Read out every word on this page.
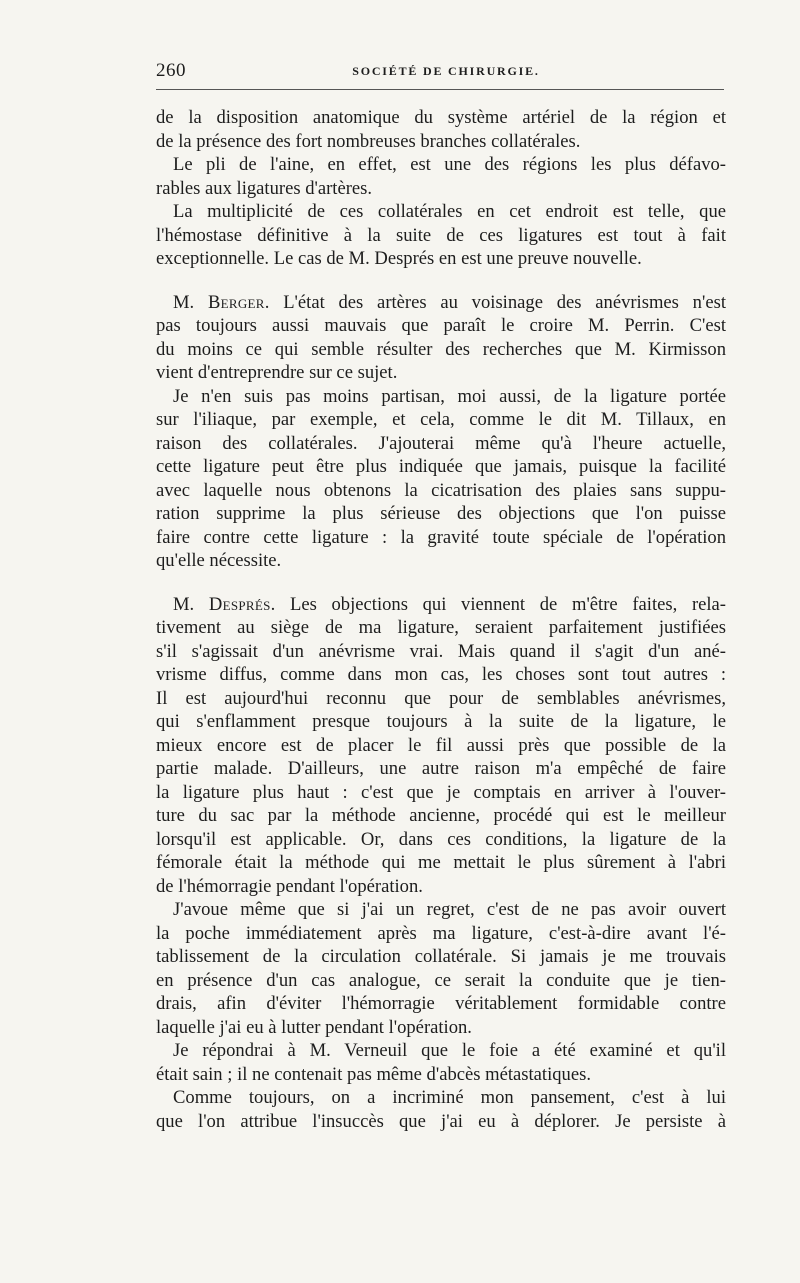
260	SOCIÉTÉ DE CHIRURGIE.
de la disposition anatomique du système artériel de la région et
de la présence des fort nombreuses branches collatérales.
Le pli de l'aine, en effet, est une des régions les plus défavo-
rables aux ligatures d'artères.
La multiplicité de ces collatérales en cet endroit est telle, que
l'hémostase définitive à la suite de ces ligatures est tout à fait
exceptionnelle. Le cas de M. Després en est une preuve nouvelle.
M. Berger. L'état des artères au voisinage des anévrismes n'est
pas toujours aussi mauvais que paraît le croire M. Perrin. C'est
du moins ce qui semble résulter des recherches que M. Kirmisson
vient d'entreprendre sur ce sujet.
Je n'en suis pas moins partisan, moi aussi, de la ligature portée
sur l'iliaque, par exemple, et cela, comme le dit M. Tillaux, en
raison des collatérales. J'ajouterai même qu'à l'heure actuelle,
cette ligature peut être plus indiquée que jamais, puisque la facilité
avec laquelle nous obtenons la cicatrisation des plaies sans suppu-
ration supprime la plus sérieuse des objections que l'on puisse
faire contre cette ligature : la gravité toute spéciale de l'opération
qu'elle nécessite.
M. Després. Les objections qui viennent de m'être faites, rela-
tivement au siège de ma ligature, seraient parfaitement justifiées
s'il s'agissait d'un anévrisme vrai. Mais quand il s'agit d'un ané-
vrisme diffus, comme dans mon cas, les choses sont tout autres :
Il est aujourd'hui reconnu que pour de semblables anévrismes,
qui s'enflamment presque toujours à la suite de la ligature, le
mieux encore est de placer le fil aussi près que possible de la
partie malade. D'ailleurs, une autre raison m'a empêché de faire
la ligature plus haut : c'est que je comptais en arriver à l'ouver-
ture du sac par la méthode ancienne, procédé qui est le meilleur
lorsqu'il est applicable. Or, dans ces conditions, la ligature de la
fémorale était la méthode qui me mettait le plus sûrement à l'abri
de l'hémorragie pendant l'opération.
J'avoue même que si j'ai un regret, c'est de ne pas avoir ouvert
la poche immédiatement après ma ligature, c'est-à-dire avant l'é-
tablissement de la circulation collatérale. Si jamais je me trouvais
en présence d'un cas analogue, ce serait la conduite que je tien-
drais, afin d'éviter l'hémorragie véritablement formidable contre
laquelle j'ai eu à lutter pendant l'opération.
Je répondrai à M. Verneuil que le foie a été examiné et qu'il
était sain ; il ne contenait pas même d'abcès métastatiques.
Comme toujours, on a incriminé mon pansement, c'est à lui
que l'on attribue l'insuccès que j'ai eu à déplorer. Je persiste à
